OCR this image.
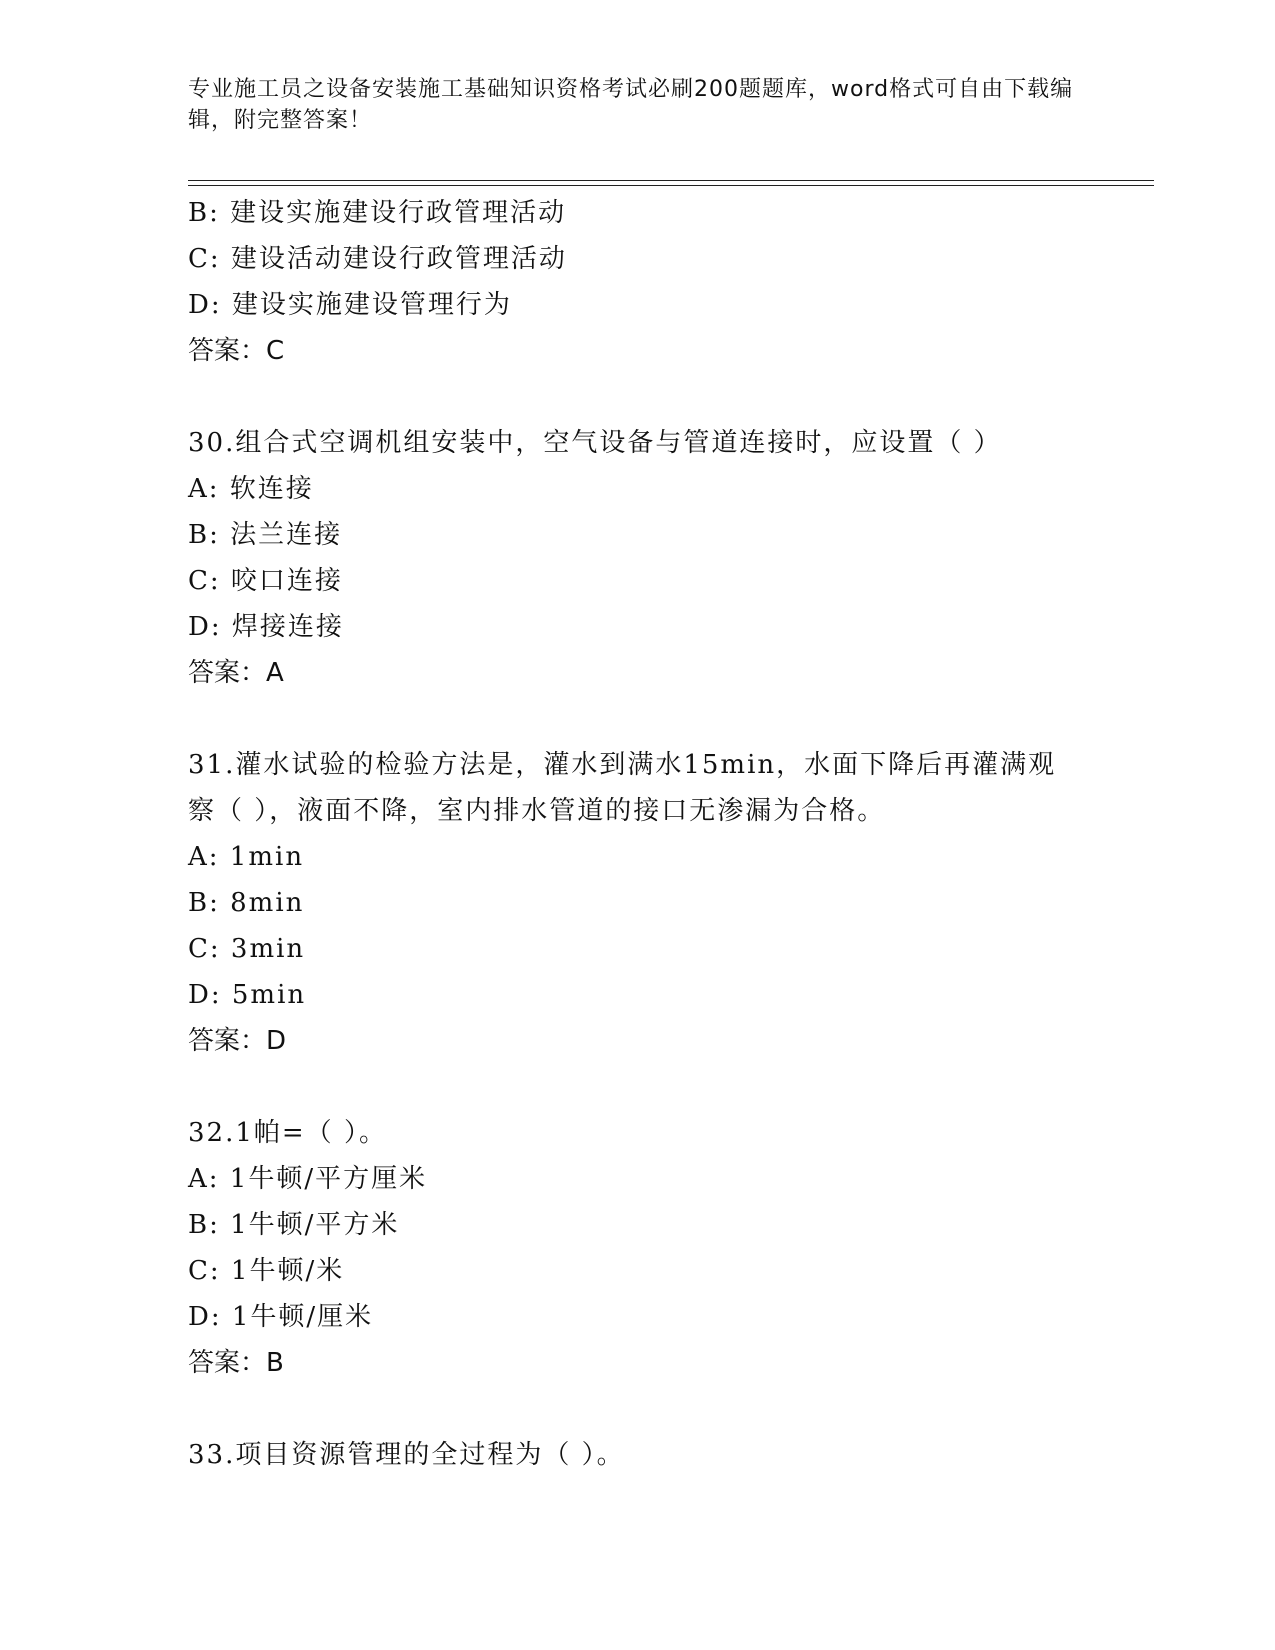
专业施工员之设备安装施工基础知识资格考试必刷200题题库，word格式可自由下载编辑，附完整答案！
B: 建设实施建设行政管理活动
C: 建设活动建设行政管理活动
D: 建设实施建设管理行为
答案：C
30.组合式空调机组安装中，空气设备与管道连接时，应设置（ ）
A: 软连接
B: 法兰连接
C: 咬口连接
D: 焊接连接
答案：A
31.灌水试验的检验方法是，灌水到满水15min，水面下降后再灌满观
察（ ），液面不降，室内排水管道的接口无渗漏为合格。
A: 1min
B: 8min
C: 3min
D: 5min
答案：D
32.1帕=（ ）。
A: 1牛顿/平方厘米
B: 1牛顿/平方米
C: 1牛顿/米
D: 1牛顿/厘米
答案：B
33.项目资源管理的全过程为（ ）。
